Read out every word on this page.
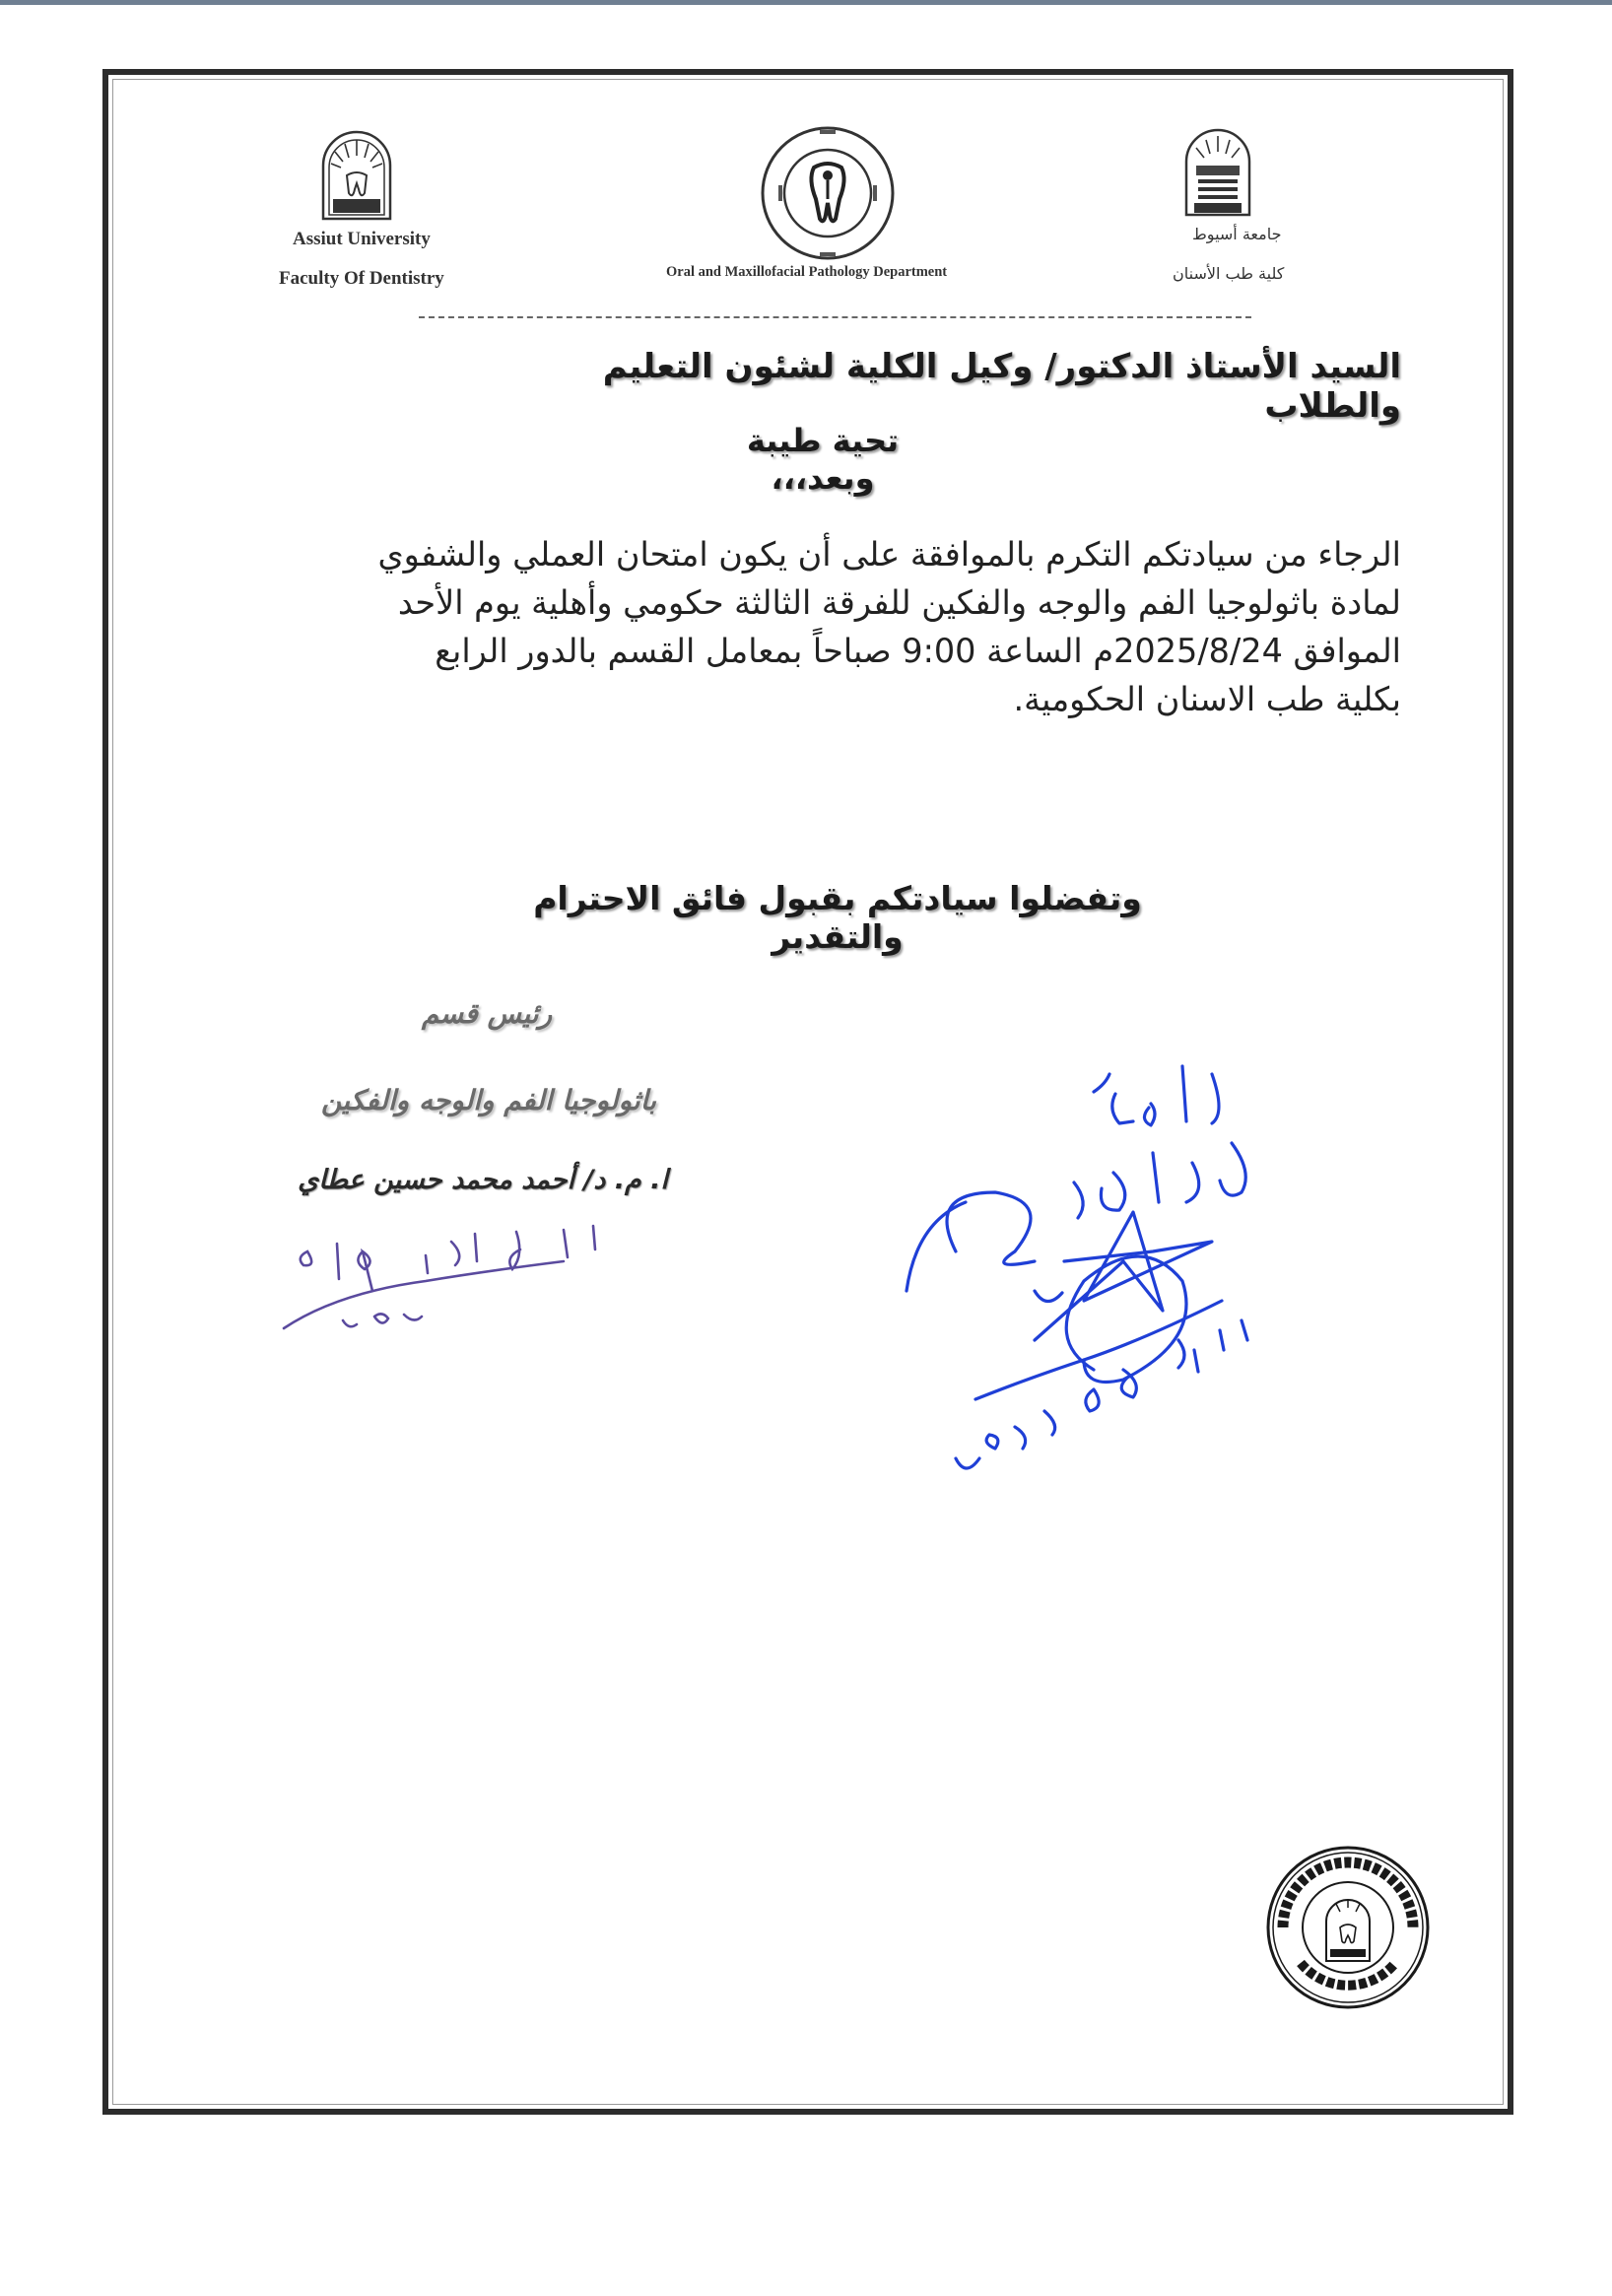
Assiut University
Faculty Of Dentistry	Oral and Maxillofacial Pathology Department
جامعة أسيوط
كلية طب الأسنان
السيد الأستاذ الدكتور/ وكيل الكلية لشئون التعليم والطلاب
تحية طيبة وبعد،،،
الرجاء من سيادتكم التكرم بالموافقة على أن يكون امتحان العملي والشفوي
لمادة باثولوجيا الفم والوجه والفكين للفرقة الثالثة حكومي وأهلية يوم الأحد
الموافق 2025/8/24م الساعة 9:00 صباحاً بمعامل القسم بالدور الرابع
بكلية طب الاسنان الحكومية.
وتفضلوا سيادتكم بقبول فائق الاحترام والتقدير
رئيس قسم
باثولوجيا الفم والوجه والفكين
ا. م. د/ أحمد محمد حسين عطاي
